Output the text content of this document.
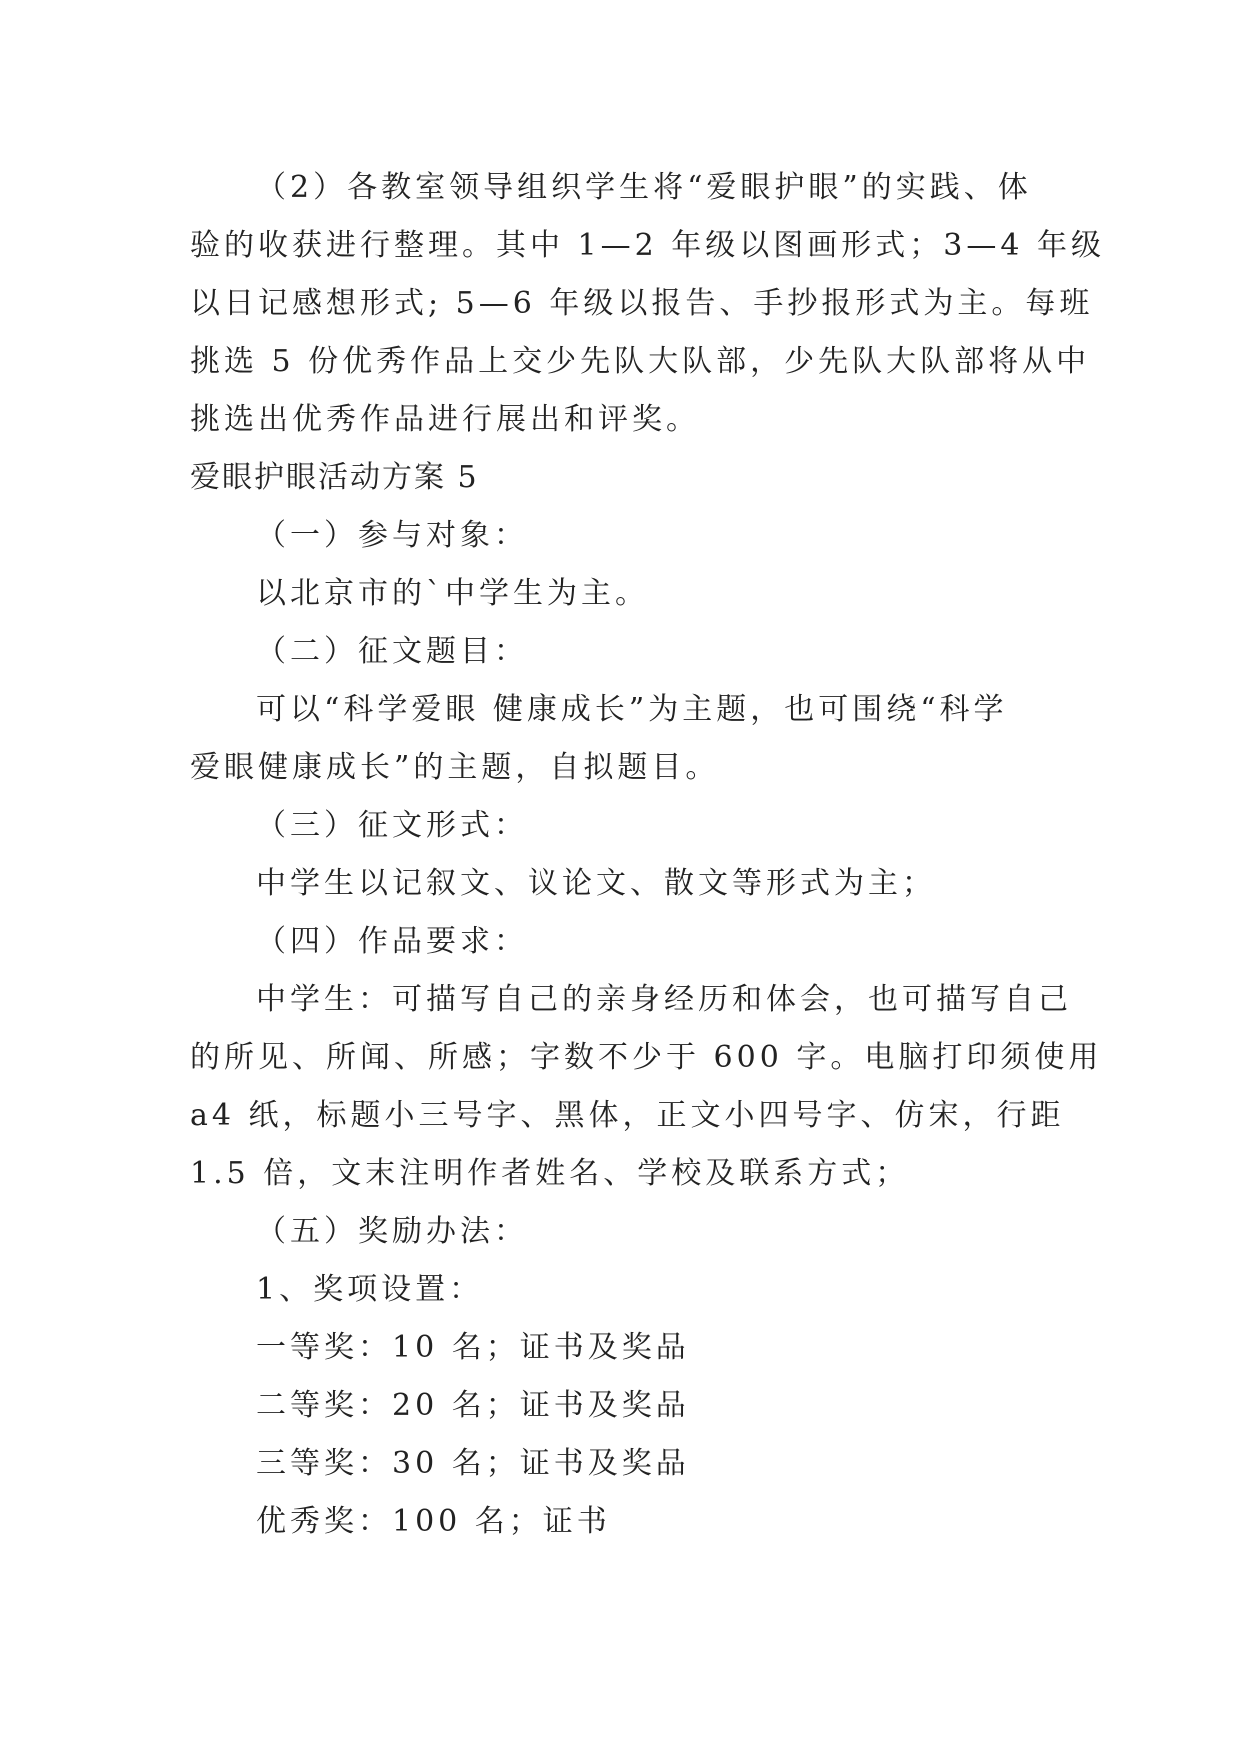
（2）各教室领导组织学生将“爱眼护眼”的实践、体
验的收获进行整理。其中 1—2 年级以图画形式；3—4 年级
以日记感想形式; 5—6 年级以报告、手抄报形式为主。每班
挑选 5 份优秀作品上交少先队大队部，少先队大队部将从中
挑选出优秀作品进行展出和评奖。
爱眼护眼活动方案 5
（一）参与对象：
以北京市的`中学生为主。
（二）征文题目：
可以“科学爱眼 健康成长”为主题，也可围绕“科学
爱眼健康成长”的主题，自拟题目。
（三）征文形式：
中学生以记叙文、议论文、散文等形式为主；
（四）作品要求：
中学生：可描写自己的亲身经历和体会，也可描写自己
的所见、所闻、所感；字数不少于 600 字。电脑打印须使用
a4 纸，标题小三号字、黑体，正文小四号字、仿宋，行距
1.5 倍，文末注明作者姓名、学校及联系方式；
（五）奖励办法：
1、奖项设置：
一等奖：10 名；证书及奖品
二等奖：20 名；证书及奖品
三等奖：30 名；证书及奖品
优秀奖：100 名；证书
